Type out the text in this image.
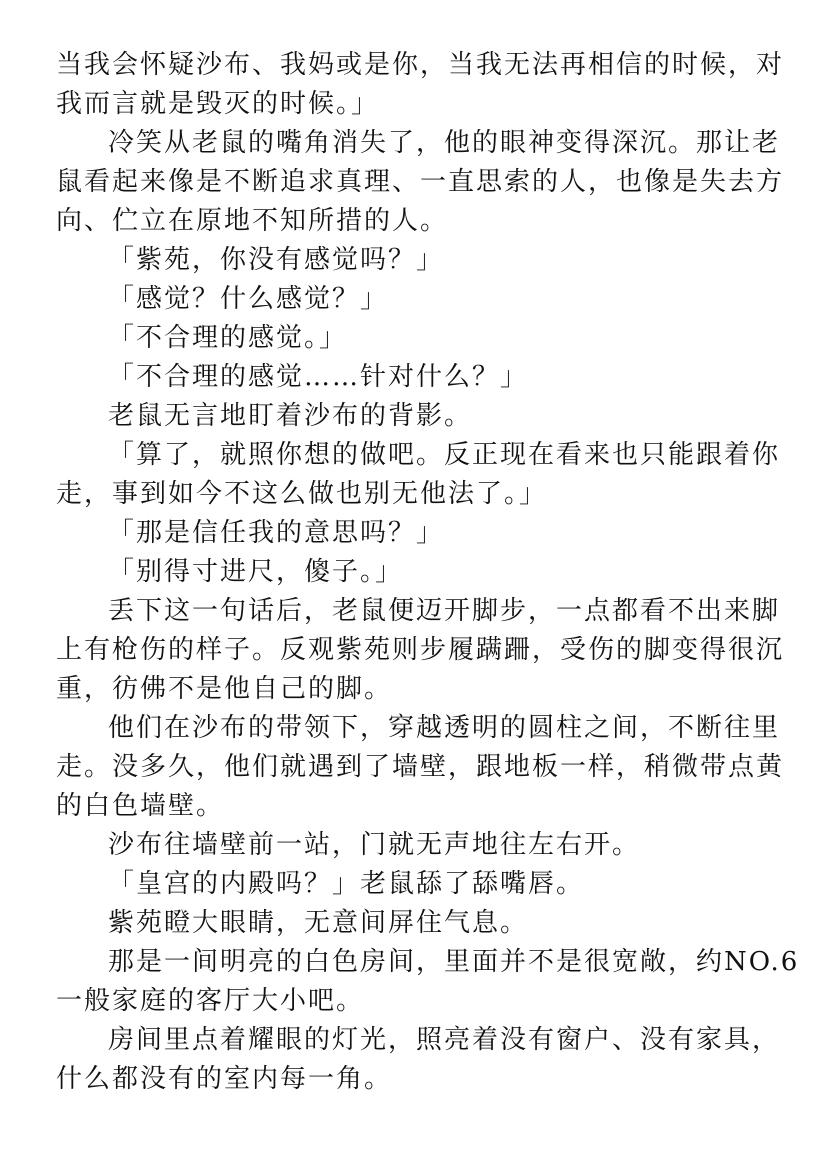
当我会怀疑沙布、我妈或是你，当我无法再相信的时候，对

我而言就是毁灭的时候。」

冷笑从老鼠的嘴角消失了，他的眼神变得深沉。那让老

鼠看起来像是不断追求真理、一直思索的人，也像是失去方

向、伫立在原地不知所措的人。

「紫苑，你没有感觉吗？」

「感觉？什么感觉？」

「不合理的感觉。」

「不合理的感觉……针对什么？」

老鼠无言地盯着沙布的背影。

「算了，就照你想的做吧。反正现在看来也只能跟着你

走，事到如今不这么做也别无他法了。」

「那是信任我的意思吗？」

「别得寸进尺，傻子。」

丢下这一句话后，老鼠便迈开脚步，一点都看不出来脚

上有枪伤的样子。反观紫苑则步履蹒跚，受伤的脚变得很沉

重，彷佛不是他自己的脚。

他们在沙布的带领下，穿越透明的圆柱之间，不断往里

走。没多久，他们就遇到了墙壁，跟地板一样，稍微带点黄

的白色墙壁。

沙布往墙壁前一站，门就无声地往左右开。

「皇宫的内殿吗？」老鼠舔了舔嘴唇。

紫苑瞪大眼睛，无意间屏住气息。

那是一间明亮的白色房间，里面并不是很宽敞，约NO.6

一般家庭的客厅大小吧。

房间里点着耀眼的灯光，照亮着没有窗户、没有家具，

什么都没有的室内每一角。
